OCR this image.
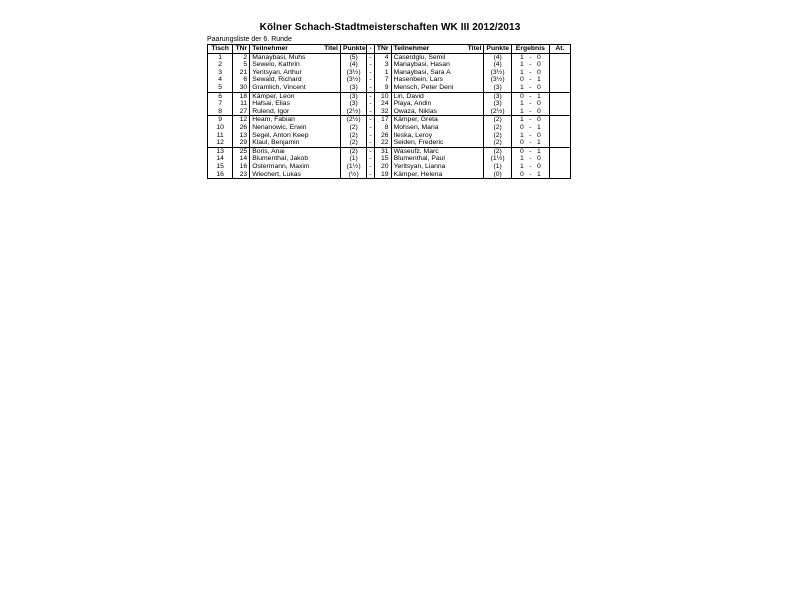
Kölner Schach-Stadtmeisterschaften WK III 2012/2013
Paarungsliste der 6. Runde
Tisch	TNr	Teilnehmer Titel	Punkte	-	TNr	Teilnehmer Titel	Punkte	Ergebnis	At.
1	2	Manaybasi, Muhs	(5)	-	4	Caserdglu, Semil	(4)	1 - 0	
2	5	Sewelo, Kathrin	(4)	-	3	Manaybasi, Hasan	(4)	1 - 0	
3	21	Yeritsyan, Arthur	(3½)	-	1	Manaybasi, Sara A	(3½)	1 - 0	
4	6	Sewald, Richard	(3½)	-	7	Hasenbein, Lars	(3½)	0 - 1	
5	30	Gramlich, Vincent	(3)	-	9	Mensch, Peter Deni	(3)	1 - 0	
6	18	Kämper, Leon	(3)	-	10	Lin, David	(3)	0 - 1	
7	11	Hafsai, Elias	(3)	-	24	Playa, Andin	(3)	1 - 0	
8	27	Rulend, Igor	(2½)	-	32	Owaza, Niklas	(2½)	1 - 0	
9	12	Heam, Fabian	(2½)	-	17	Kämper, Greta	(2)	1 - 0	
10	26	Nenanowic, Erwin	(2)	-	8	Mohsen, Maria	(2)	0 - 1	
11	13	Segel, Anton Keep	(2)	-	26	Ileska, Leroy	(2)	1 - 0	
12	29	Klaul, Benjamin	(2)	-	22	Seiden, Frederic	(2)	0 - 1	
13	25	Boris, Anai	(2)	-	31	Waseufz, Marc	(2)	0 - 1	
14	14	Blumenthal, Jakob	(1)	-	15	Blumenthal, Paul	(1½)	1 - 0	
15	16	Ostermann, Maxim	(1½)	-	20	Yeritsyan, Lianna	(1)	1 - 0	
16	23	Wiechert, Lukas	(½)	-	19	Kämper, Helena	(0)	0 - 1	
